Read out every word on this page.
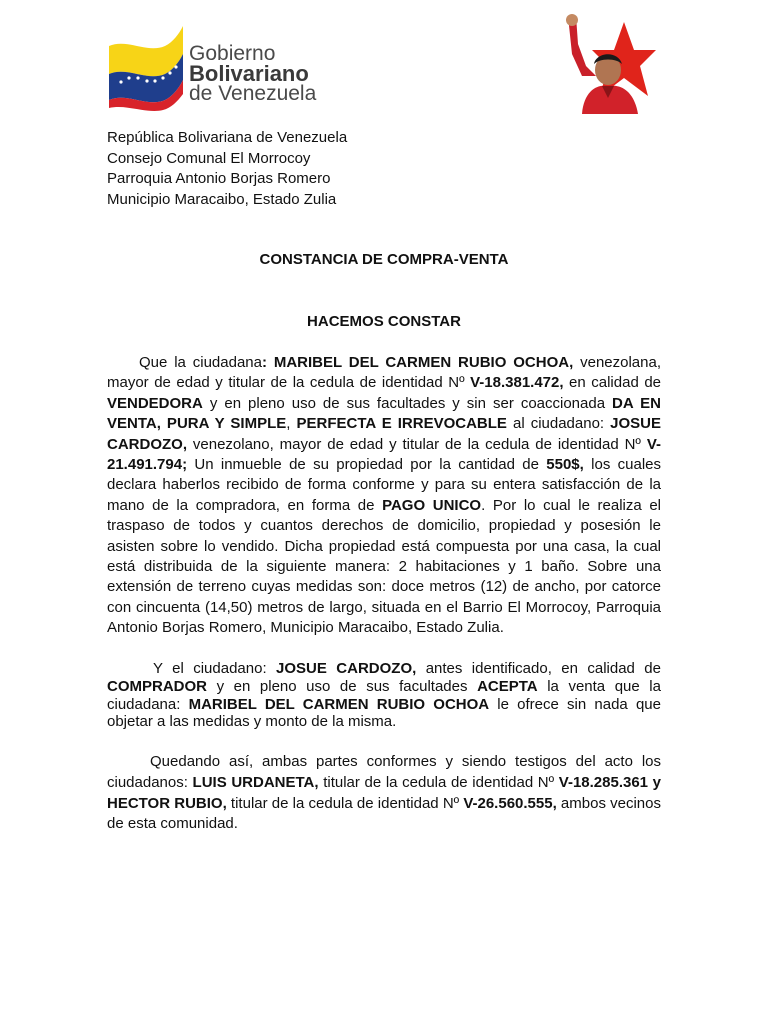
Gobierno
Bolivariano
de Venezuela
República Bolivariana de Venezuela
Consejo Comunal El Morrocoy
Parroquia Antonio Borjas Romero
Municipio Maracaibo, Estado Zulia
CONSTANCIA DE COMPRA-VENTA
HACEMOS CONSTAR

Que la ciudadana: MARIBEL DEL CARMEN RUBIO OCHOA, venezolana, mayor de edad y titular de la cedula de identidad Nº V-18.381.472, en calidad de VENDEDORA y en pleno uso de sus facultades y sin ser coaccionada DA EN VENTA, PURA Y SIMPLE, PERFECTA E IRREVOCABLE al ciudadano: JOSUE CARDOZO, venezolano, mayor de edad y titular de la cedula de identidad Nº V-21.491.794; Un inmueble de su propiedad por la cantidad de 550$, los cuales declara haberlos recibido de forma conforme y para su entera satisfacción de la mano de la compradora, en forma de PAGO UNICO. Por lo cual le realiza el traspaso de todos y cuantos derechos de domicilio, propiedad y posesión le asisten sobre lo vendido. Dicha propiedad está compuesta por una casa, la cual está distribuida de la siguiente manera: 2 habitaciones y 1 baño. Sobre una extensión de terreno cuyas medidas son: doce metros (12) de ancho, por catorce con cincuenta (14,50) metros de largo, situada en el Barrio El Morrocoy, Parroquia Antonio Borjas Romero, Municipio Maracaibo, Estado Zulia.

Y el ciudadano: JOSUE CARDOZO, antes identificado, en calidad de COMPRADOR y en pleno uso de sus facultades ACEPTA la venta que la ciudadana: MARIBEL DEL CARMEN RUBIO OCHOA le ofrece sin nada que objetar a las medidas y monto de la misma.

Quedando así, ambas partes conformes y siendo testigos del acto los ciudadanos: LUIS URDANETA, titular de la cedula de identidad Nº V-18.285.361 y HECTOR RUBIO, titular de la cedula de identidad Nº V-26.560.555, ambos vecinos de esta comunidad.
